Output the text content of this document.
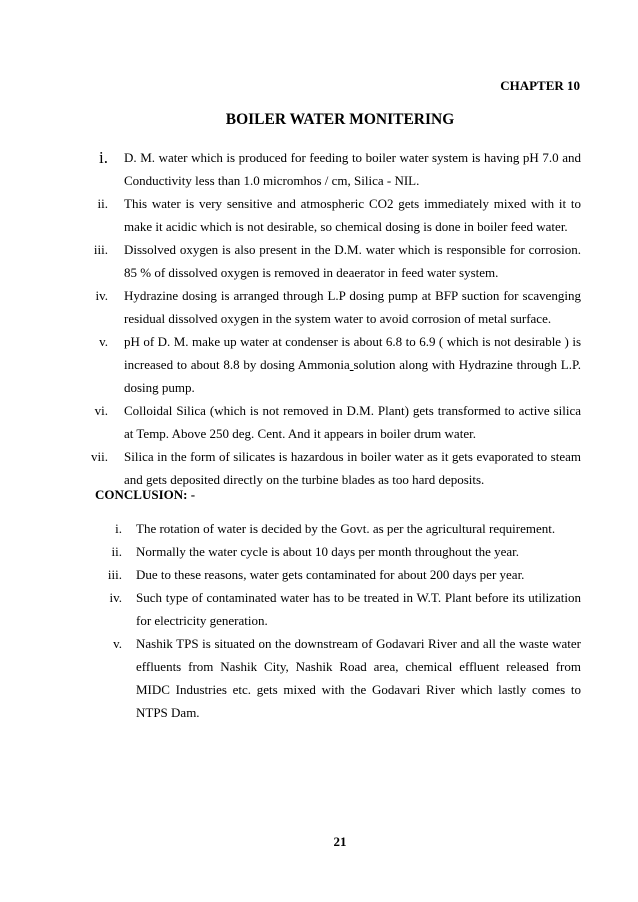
CHAPTER 10
BOILER WATER MONITERING
i. D. M. water which is produced for feeding to boiler water system is having pH 7.0 and Conductivity less than 1.0 micromhos / cm, Silica - NIL.
ii. This water is very sensitive and atmospheric CO2 gets immediately mixed with it to make it acidic which is not desirable, so chemical dosing is done in boiler feed water.
iii. Dissolved oxygen is also present in the D.M. water which is responsible for corrosion. 85 % of dissolved oxygen is removed in deaerator in feed water system.
iv. Hydrazine dosing is arranged through L.P dosing pump at BFP suction for scavenging residual dissolved oxygen in the system water to avoid corrosion of metal surface.
v. pH of D. M. make up water at condenser is about 6.8 to 6.9 ( which is not desirable ) is increased to about 8.8 by dosing Ammonia solution along with Hydrazine through L.P. dosing pump.
vi. Colloidal Silica (which is not removed in D.M. Plant) gets transformed to active silica at Temp. Above 250 deg. Cent. And it appears in boiler drum water.
vii. Silica in the form of silicates is hazardous in boiler water as it gets evaporated to steam and gets deposited directly on the turbine blades as too hard deposits.
CONCLUSION: -
i. The rotation of water is decided by the Govt. as per the agricultural requirement.
ii. Normally the water cycle is about 10 days per month throughout the year.
iii. Due to these reasons, water gets contaminated for about 200 days per year.
iv. Such type of contaminated water has to be treated in W.T. Plant before its utilization for electricity generation.
v. Nashik TPS is situated on the downstream of Godavari River and all the waste water effluents from Nashik City, Nashik Road area, chemical effluent released from MIDC Industries etc. gets mixed with the Godavari River which lastly comes to NTPS Dam.
21
